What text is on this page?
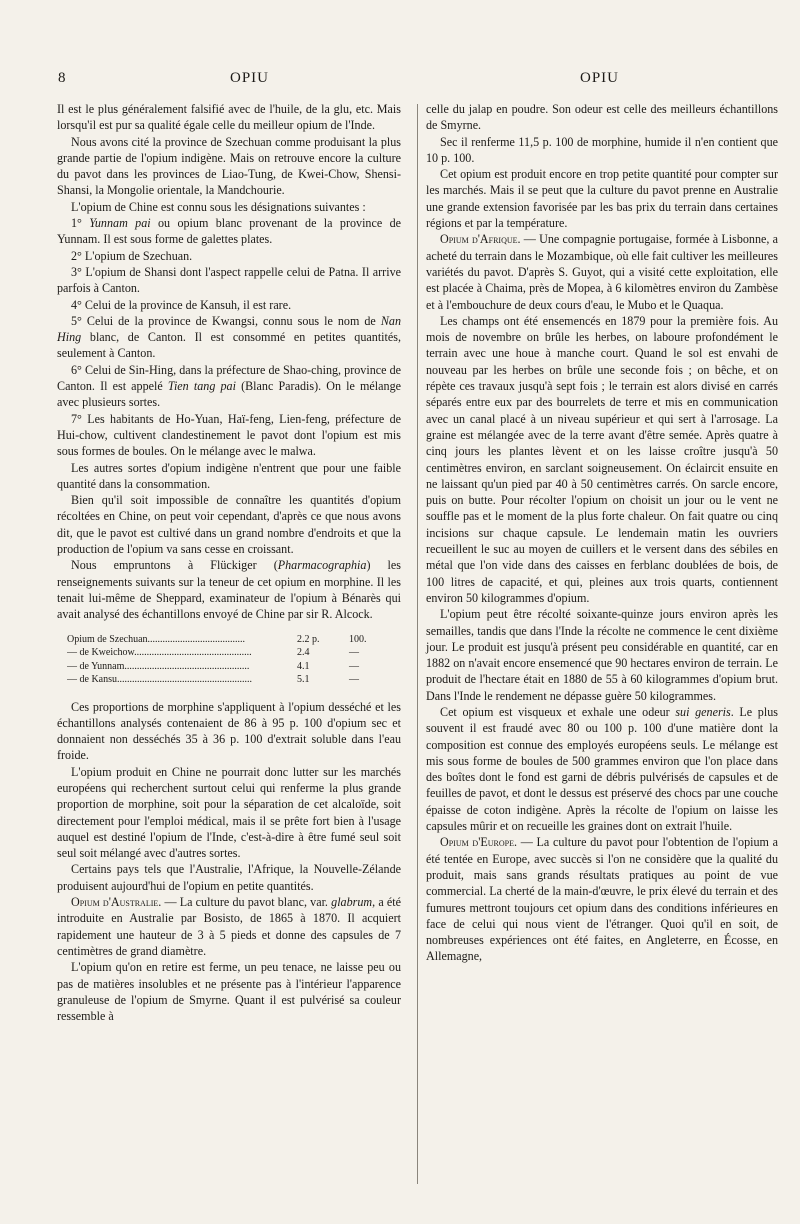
8	OPIU	OPIU

Il est le plus généralement falsifié avec de l'huile, de la glu, etc. Mais lorsqu'il est pur sa qualité égale celle du meilleur opium de l'Inde.

Nous avons cité la province de Szechuan comme produisant la plus grande partie de l'opium indigène. Mais on retrouve encore la culture du pavot dans les provinces de Liao-Tung, de Kwei-Chow, Shensi-Shansi, la Mongolie orientale, la Mandchourie.

L'opium de Chine est connu sous les désignations suivantes :

1° Yunnam pai ou opium blanc provenant de la province de Yunnam. Il est sous forme de galettes plates.

2° L'opium de Szechuan.

3° L'opium de Shansi dont l'aspect rappelle celui de Patna. Il arrive parfois à Canton.

4° Celui de la province de Kansuh, il est rare.

5° Celui de la province de Kwangsi, connu sous le nom de Nan Hing blanc, de Canton. Il est consommé en petites quantités, seulement à Canton.

6° Celui de Sin-Hing, dans la préfecture de Shao-ching, province de Canton. Il est appelé Tien tang pai (Blanc Paradis). On le mélange avec plusieurs sortes.

7° Les habitants de Ho-Yuan, Haï-feng, Lien-feng, préfecture de Hui-chow, cultivent clandestinement le pavot dont l'opium est mis sous formes de boules. On le mélange avec le malwa.

Les autres sortes d'opium indigène n'entrent que pour une faible quantité dans la consommation.

Bien qu'il soit impossible de connaître les quantités d'opium récoltées en Chine, on peut voir cependant, d'après ce que nous avons dit, que le pavot est cultivé dans un grand nombre d'endroits et que la production de l'opium va sans cesse en croissant.

Nous empruntons à Flückiger (Pharmacographia) les renseignements suivants sur la teneur de cet opium en morphine. Il les tenait lui-même de Sheppard, examinateur de l'opium à Bénarès qui avait analysé des échantillons envoyé de Chine par sir R. Alcock.

Opium de Szechuan.......................................	2.2 p.	100.
— de Kweichow...............................................	2.4	—
— de Yunnam..................................................	4.1	—
— de Kansu......................................................	5.1	—

Ces proportions de morphine s'appliquent à l'opium desséché et les échantillons analysés contenaient de 86 à 95 p. 100 d'opium sec et donnaient non desséchés 35 à 36 p. 100 d'extrait soluble dans l'eau froide.

L'opium produit en Chine ne pourrait donc lutter sur les marchés européens qui recherchent surtout celui qui renferme la plus grande proportion de morphine, soit pour la séparation de cet alcaloïde, soit directement pour l'emploi médical, mais il se prête fort bien à l'usage auquel est destiné l'opium de l'Inde, c'est-à-dire à être fumé seul soit seul soit mélangé avec d'autres sortes.

Certains pays tels que l'Australie, l'Afrique, la Nouvelle-Zélande produisent aujourd'hui de l'opium en petite quantités.

Opium d'Australie. — La culture du pavot blanc, var. glabrum, a été introduite en Australie par Bosisto, de 1865 à 1870. Il acquiert rapidement une hauteur de 3 à 5 pieds et donne des capsules de 7 centimètres de grand diamètre.

L'opium qu'on en retire est ferme, un peu tenace, ne laisse peu ou pas de matières insolubles et ne présente pas à l'intérieur l'apparence granuleuse de l'opium de Smyrne. Quant il est pulvérisé sa couleur ressemble à

celle du jalap en poudre. Son odeur est celle des meilleurs échantillons de Smyrne.

Sec il renferme 11,5 p. 100 de morphine, humide il n'en contient que 10 p. 100.

Cet opium est produit encore en trop petite quantité pour compter sur les marchés. Mais il se peut que la culture du pavot prenne en Australie une grande extension favorisée par les bas prix du terrain dans certaines régions et par la température.

Opium d'Afrique. — Une compagnie portugaise, formée à Lisbonne, a acheté du terrain dans le Mozambique, où elle fait cultiver les meilleures variétés du pavot. D'après S. Guyot, qui a visité cette exploitation, elle est placée à Chaima, près de Mopea, à 6 kilomètres environ du Zambèse et à l'embouchure de deux cours d'eau, le Mubo et le Quaqua.

Les champs ont été ensemencés en 1879 pour la première fois. Au mois de novembre on brûle les herbes, on laboure profondément le terrain avec une houe à manche court. Quand le sol est envahi de nouveau par les herbes on brûle une seconde fois ; on bêche, et on répète ces travaux jusqu'à sept fois ; le terrain est alors divisé en carrés séparés entre eux par des bourrelets de terre et mis en communication avec un canal placé à un niveau supérieur et qui sert à l'arrosage. La graine est mélangée avec de la terre avant d'être semée. Après quatre à cinq jours les plantes lèvent et on les laisse croître jusqu'à 50 centimètres environ, en sarclant soigneusement. On éclaircit ensuite en ne laissant qu'un pied par 40 à 50 centimètres carrés. On sarcle encore, puis on butte. Pour récolter l'opium on choisit un jour ou le vent ne souffle pas et le moment de la plus forte chaleur. On fait quatre ou cinq incisions sur chaque capsule. Le lendemain matin les ouvriers recueillent le suc au moyen de cuillers et le versent dans des sébiles en métal que l'on vide dans des caisses en ferblanc doublées de bois, de 100 litres de capacité, et qui, pleines aux trois quarts, contiennent environ 50 kilogrammes d'opium.

L'opium peut être récolté soixante-quinze jours environ après les semailles, tandis que dans l'Inde la récolte ne commence le cent dixième jour. Le produit est jusqu'à présent peu considérable en quantité, car en 1882 on n'avait encore ensemencé que 90 hectares environ de terrain. Le produit de l'hectare était en 1880 de 55 à 60 kilogrammes d'opium brut. Dans l'Inde le rendement ne dépasse guère 50 kilogrammes.

Cet opium est visqueux et exhale une odeur sui generis. Le plus souvent il est fraudé avec 80 ou 100 p. 100 d'une matière dont la composition est connue des employés européens seuls. Le mélange est mis sous forme de boules de 500 grammes environ que l'on place dans des boîtes dont le fond est garni de débris pulvérisés de capsules et de feuilles de pavot, et dont le dessus est préservé des chocs par une couche épaisse de coton indigène. Après la récolte de l'opium on laisse les capsules mûrir et on recueille les graines dont on extrait l'huile.

Opium d'Europe. — La culture du pavot pour l'obtention de l'opium a été tentée en Europe, avec succès si l'on ne considère que la qualité du produit, mais sans grands résultats pratiques au point de vue commercial. La cherté de la main-d'œuvre, le prix élevé du terrain et des fumures mettront toujours cet opium dans des conditions inférieures en face de celui qui nous vient de l'étranger. Quoi qu'il en soit, de nombreuses expériences ont été faites, en Angleterre, en Écosse, en Allemagne,
